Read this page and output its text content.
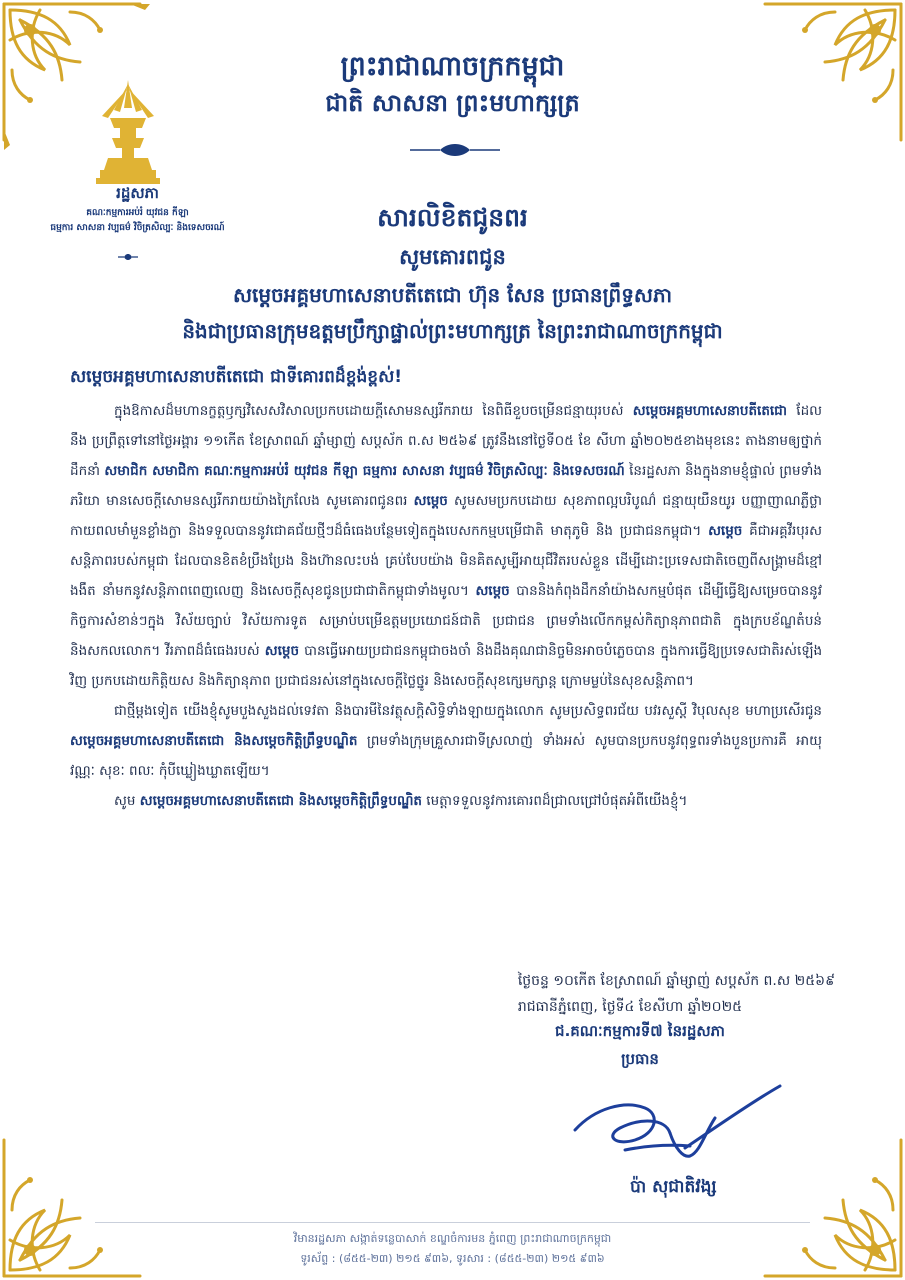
ព្រះរាជាណាចក្រកម្ពុជា
ជាតិ សាសនា ព្រះមហាក្សត្រ
រដ្ឋសភា
គណៈកម្មការអប់រំ យុវជន កីឡា
ធម្មការ សាសនា វប្បធម៌ វិចិត្រសិល្បៈ និងទេសចរណ៍	សារលិខិតជូនពរ
សូមគោរពជូន
សម្តេចអគ្គមហាសេនាបតីតេជោ ហ៊ុន សែន ប្រធានព្រឹទ្ធសភា
និងជាប្រធានក្រុមឧត្តមប្រឹក្សាផ្ទាល់ព្រះមហាក្សត្រ នៃព្រះរាជាណាចក្រកម្ពុជា
សម្តេចអគ្គមហាសេនាបតីតេជោ ជាទីគោរពដ៏ខ្ពង់ខ្ពស់!

ក្នុងឱកាសដ៏មហានក្ខត្តឫក្សវិសេសវិសាលប្រកបដោយក្តីសោមនស្សរីករាយ នៃពិធីខួបចម្រើនជន្មាយុរបស់ សម្តេចអគ្គមហាសេនាបតីតេជោ ដែលនឹង ប្រព្រឹត្តទៅនៅថ្ងៃអង្គារ ១១កើត ខែស្រាពណ៍ ឆ្នាំម្សាញ់ សប្តស័ក ព.ស ២៥៦៩ ត្រូវនឹងនៅថ្ងៃទី០៥ ខែ សីហា ឆ្នាំ២០២៥ខាងមុខនេះ តាងនាមឲ្យថ្នាក់ដឹកនាំ សមាជិក សមាជិកា គណៈកម្មការអប់រំ យុវជន កីឡា ធម្មការ សាសនា វប្បធម៌ វិចិត្រសិល្បៈ និងទេសចរណ៍ នៃរដ្ឋសភា និងក្នុងនាមខ្ញុំផ្ទាល់ ព្រមទាំងភរិយា មានសេចក្តីសោមនស្សរីករាយយ៉ាងក្រៃលែង សូមគោរពជូនពរ សម្តេច សូមសមប្រកបដោយ សុខភាពល្អបរិបូណ៌ ជន្មាយុយឺនយូរ បញ្ញាញាណភ្លឺថ្លា កាយពលមាំមួនខ្លាំងក្លា និងទទួលបាននូវជោគជ័យថ្មីៗដ៏ធំធេងបន្ថែមទៀតក្នុងបេសកកម្មបម្រើជាតិ មាតុភូមិ និង ប្រជាជនកម្ពុជា។ សម្តេច គឺជាអគ្គវីរបុរសសន្តិភាពរបស់កម្ពុជា ដែលបានខិតខំប្រឹងប្រែង និងហ៊ានលះបង់ គ្រប់បែបយ៉ាង មិនគិតសូម្បីអាយុជីវិតរបស់ខ្លួន ដើម្បីដោះប្រទេសជាតិចេញពីសង្គ្រាមដ៏ខ្មៅងងឹត នាំមកនូវសន្តិភាពពេញលេញ និងសេចក្តីសុខជូនប្រជាជាតិកម្ពុជាទាំងមូល។ សម្តេច បាននិងកំពុងដឹកនាំយ៉ាងសកម្មបំផុត ដើម្បីធ្វើឱ្យសម្រេចបាននូវកិច្ចការសំខាន់ៗក្នុង វិស័យច្បាប់ វិស័យការទូត សម្រាប់បម្រើឧត្តមប្រយោជន៍ជាតិ ប្រជាជន ព្រមទាំងលើកកម្ពស់កិត្យានុភាពជាតិ ក្នុងក្របខ័ណ្ឌតំបន់ និងសកលលោក។ វីរភាពដ៏ធំធេងរបស់ សម្តេច បានធ្វើអោយប្រជាជនកម្ពុជាចងចាំ និងដឹងគុណជានិច្ចមិនអាចបំភ្លេចបាន ក្នុងការធ្វើឱ្យប្រទេសជាតិរស់ឡើងវិញ ប្រកបដោយកិត្តិយស និងកិត្យានុភាព ប្រជាជនរស់នៅក្នុងសេចក្តីថ្លៃថ្នូរ និងសេចក្តីសុខក្សេមក្សាន្ត ក្រោមម្លប់នៃសុខសន្តិភាព។

ជាថ្មីម្តងទៀត យើងខ្ញុំសូមបួងសួងដល់ទេវតា និងបារមីនៃវត្ថុសក្តិសិទ្ធិទាំងឡាយក្នុងលោក សូមប្រសិទ្ធពរជ័យ បវរសួស្តី វិបុលសុខ មហាប្រសើរជូន សម្តេចអគ្គមហាសេនាបតីតេជោ និងសម្តេចកិត្តិព្រឹទ្ធបណ្ឌិត ព្រមទាំងក្រុមគ្រួសារជាទីស្រលាញ់ ទាំងអស់ សូមបានប្រកបនូវពុទ្ធពរទាំងបួនប្រការគឺ អាយុ វណ្ណៈ សុខៈ ពលៈ កុំបីឃ្លៀងឃ្លាតឡើយ។

សូម សម្តេចអគ្គមហាសេនាបតីតេជោ និងសម្តេចកិត្តិព្រឹទ្ធបណ្ឌិត មេត្តាទទួលនូវការគោរពដ៏ជ្រាលជ្រៅបំផុតអំពីយើងខ្ញុំ។

ថ្ងៃចន្ទ ១០កើត ខែស្រាពណ៍ ឆ្នាំម្សាញ់ សប្តស័ក ព.ស ២៥៦៩
រាជធានីភ្នំពេញ, ថ្ងៃទី៤ ខែសីហា ឆ្នាំ២០២៥
ជ.គណៈកម្មការទី៧ នៃរដ្ឋសភា
ប្រធាន
ប៉ា សុជាតិវង្ស
វិមានរដ្ឋសភា សង្កាត់ទន្លេបាសាក់ ខណ្ឌចំការមន ភ្នំពេញ ព្រះរាជាណាចក្រកម្ពុជា
ទូរស័ព្ទ : (៨៥៥-២៣) ២១៥ ៩៣៦, ទូរសារ : (៨៥៥-២៣) ២១៥ ៩៣៦
